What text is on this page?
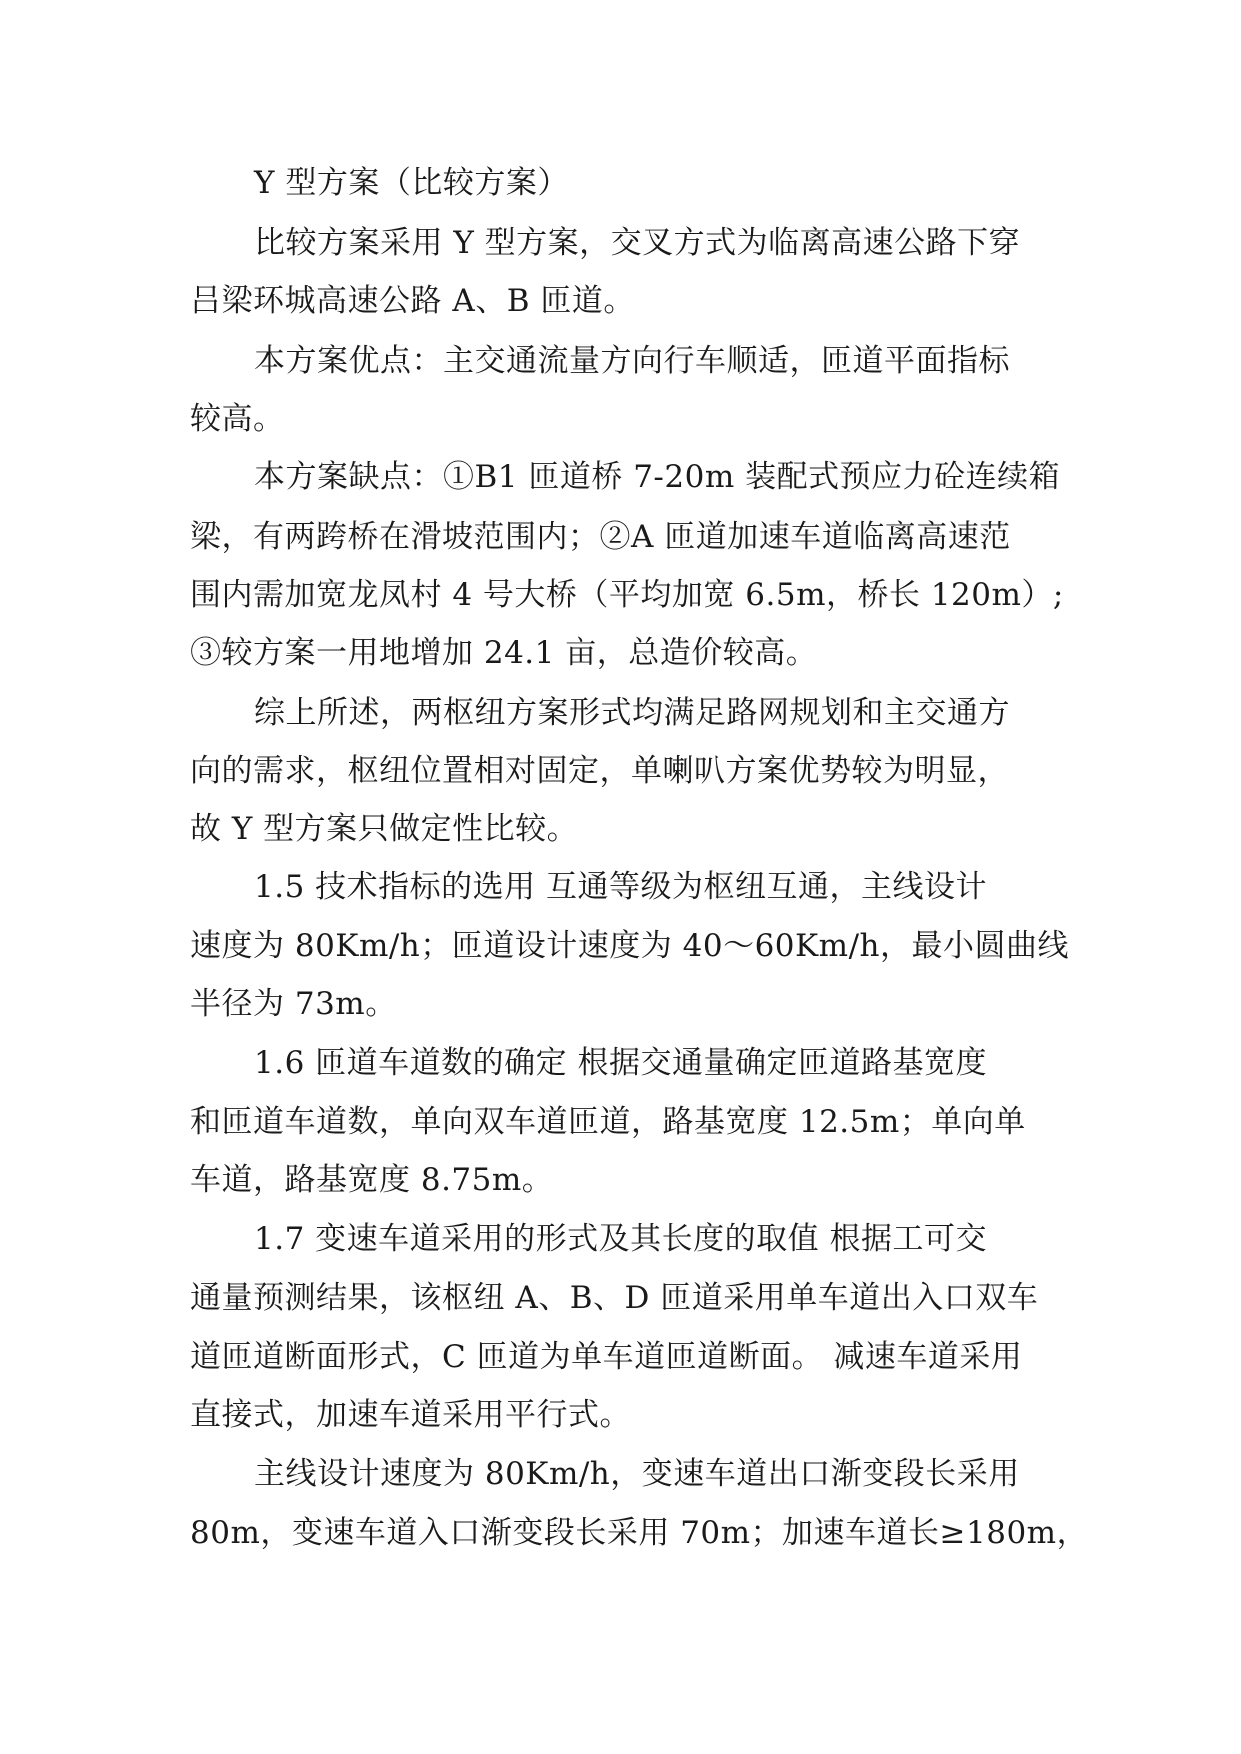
Y 型方案（比较方案）
比较方案采用 Y 型方案，交叉方式为临离高速公路下穿
吕梁环城高速公路 A、B 匝道。
本方案优点：主交通流量方向行车顺适，匝道平面指标
较高。
本方案缺点：①B1 匝道桥 7-20m 装配式预应力砼连续箱
梁，有两跨桥在滑坡范围内；②A 匝道加速车道临离高速范
围内需加宽龙凤村 4 号大桥（平均加宽 6.5m，桥长 120m）;
③较方案一用地增加 24.1 亩，总造价较高。
综上所述，两枢纽方案形式均满足路网规划和主交通方
向的需求，枢纽位置相对固定，单喇叭方案优势较为明显，
故 Y 型方案只做定性比较。
1.5 技术指标的选用 互通等级为枢纽互通，主线设计
速度为 80Km/h；匝道设计速度为 40～60Km/h，最小圆曲线
半径为 73m。
1.6 匝道车道数的确定 根据交通量确定匝道路基宽度
和匝道车道数，单向双车道匝道，路基宽度 12.5m；单向单
车道，路基宽度 8.75m。
1.7 变速车道采用的形式及其长度的取值 根据工可交
通量预测结果，该枢纽 A、B、D 匝道采用单车道出入口双车
道匝道断面形式，C 匝道为单车道匝道断面。 减速车道采用
直接式，加速车道采用平行式。
主线设计速度为 80Km/h，变速车道出口渐变段长采用
80m，变速车道入口渐变段长采用 70m；加速车道长≥180m，
